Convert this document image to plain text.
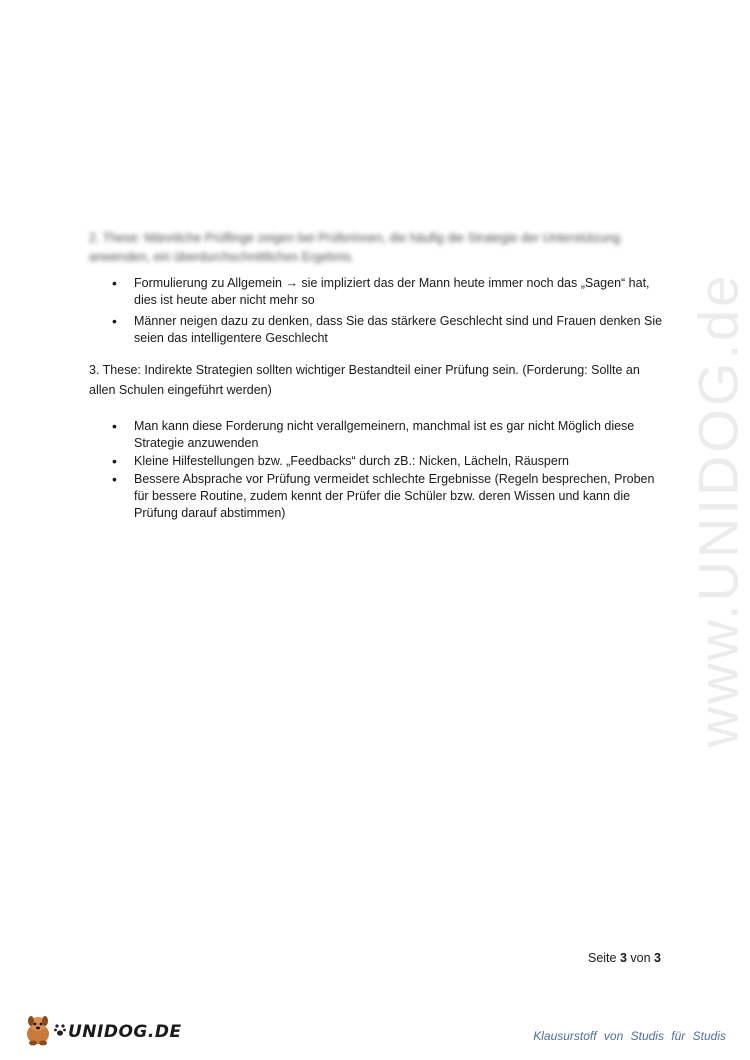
www.UNIDOG.de

2. These: Männliche Prüflinge zeigen bei Prüferinnen, die häufig die Strategie der Unterstützung anwenden, ein überdurchschnittliches Ergebnis.

• Formulierung zu Allgemein → sie impliziert das der Mann heute immer noch das „Sagen“ hat, dies ist heute aber nicht mehr so
• Männer neigen dazu zu denken, dass Sie das stärkere Geschlecht sind und Frauen denken Sie seien das intelligentere Geschlecht

3. These: Indirekte Strategien sollten wichtiger Bestandteil einer Prüfung sein. (Forderung: Sollte an allen Schulen eingeführt werden)

• Man kann diese Forderung nicht verallgemeinern, manchmal ist es gar nicht Möglich diese Strategie anzuwenden
• Kleine Hilfestellungen bzw. „Feedbacks“ durch zB.: Nicken, Lächeln, Räuspern
• Bessere Absprache vor Prüfung vermeidet schlechte Ergebnisse (Regeln besprechen, Proben für bessere Routine, zudem kennt der Prüfer die Schüler bzw. deren Wissen und kann die Prüfung darauf abstimmen)
Seite 3 von 3
UNIDOG.DE	Klausurstoff von Studis für Studis
